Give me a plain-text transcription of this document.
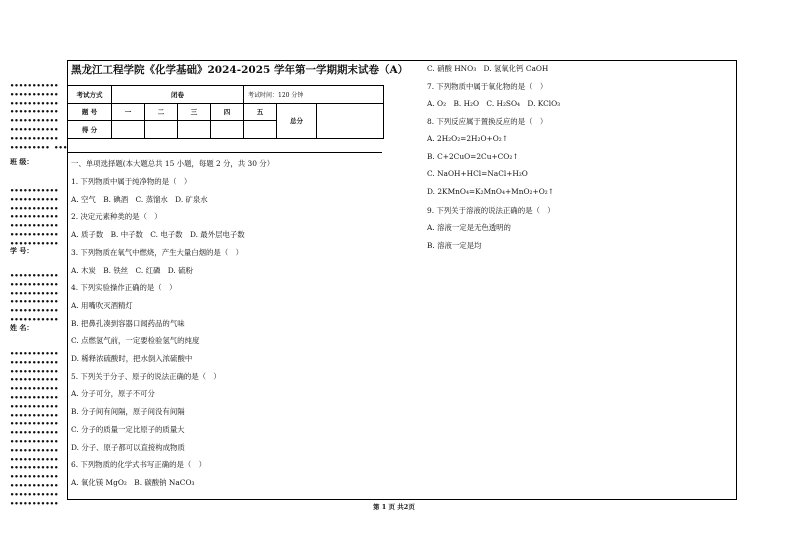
•••••••••••
•••••••••••
•••••••••••
•••••••••••
•••••••••••
•••••••••••
•••••••••••
••••••••• •••
•••••••••••
•••••••••••
•••••••••••
•••••••••••
•••••••••••
•••••••••••
•••••••••••
•••••••••••
•••••••••••
•••••••••••
•••••••••••
•••••••••••
•••••••••••
•••••••••••
•••••••••••
•••••••••••
•••••••••••
•••••••••••
•••••••••••
•••••••••••
•••••••••••
•••••••••••
•••••••••••
•••••••••••
•••••••••••
•••••••••••
•••••••••••
•••••••••••
•••••••••••
•••••••••••
•••••••••••
班 级：
学 号：
姓 名：
黑龙江工程学院《化学基础》2024-2025 学年第一学期期末试卷（A）
考试方式	闭卷				考试时间：120 分钟		
题 号	一	二	三	四	五	总分	
得 分							
一、单项选择题(本大题总共 15 小题，每题 2 分，共 30 分）
1. 下列物质中属于纯净物的是（　）
A. 空气　B. 碘酒　C. 蒸馏水　D. 矿泉水
2. 决定元素种类的是（　）
A. 质子数　B. 中子数　C. 电子数　D. 最外层电子数
3. 下列物质在氧气中燃烧，产生大量白烟的是（　）
A. 木炭　B. 铁丝　C. 红磷　D. 硫粉
4. 下列实验操作正确的是（　）
A. 用嘴吹灭酒精灯
B. 把鼻孔凑到容器口闻药品的气味
C. 点燃氢气前，一定要检验氢气的纯度
D. 稀释浓硫酸时，把水倒入浓硫酸中
5. 下列关于分子、原子的说法正确的是（　）
A. 分子可分，原子不可分
B. 分子间有间隔，原子间没有间隔
C. 分子的质量一定比原子的质量大
D. 分子、原子都可以直接构成物质
6. 下列物质的化学式书写正确的是（　）
A. 氧化镁 MgO₂　B. 碳酸钠 NaCO₃
C. 硝酸 HNO₃　D. 氢氧化钙 CaOH
7. 下列物质中属于氧化物的是（　）
A. O₂　B. H₂O　C. H₂SO₄　D. KClO₃
8. 下列反应属于置换反应的是（　）
A. 2H₂O₂=2H₂O+O₂↑
B. C+2CuO=2Cu+CO₂↑
C. NaOH+HCl=NaCl+H₂O
D. 2KMnO₄=K₂MnO₄+MnO₂+O₂↑
9. 下列关于溶液的说法正确的是（　）
A. 溶液一定是无色透明的
B. 溶液一定是均
第 1 页 共2页
